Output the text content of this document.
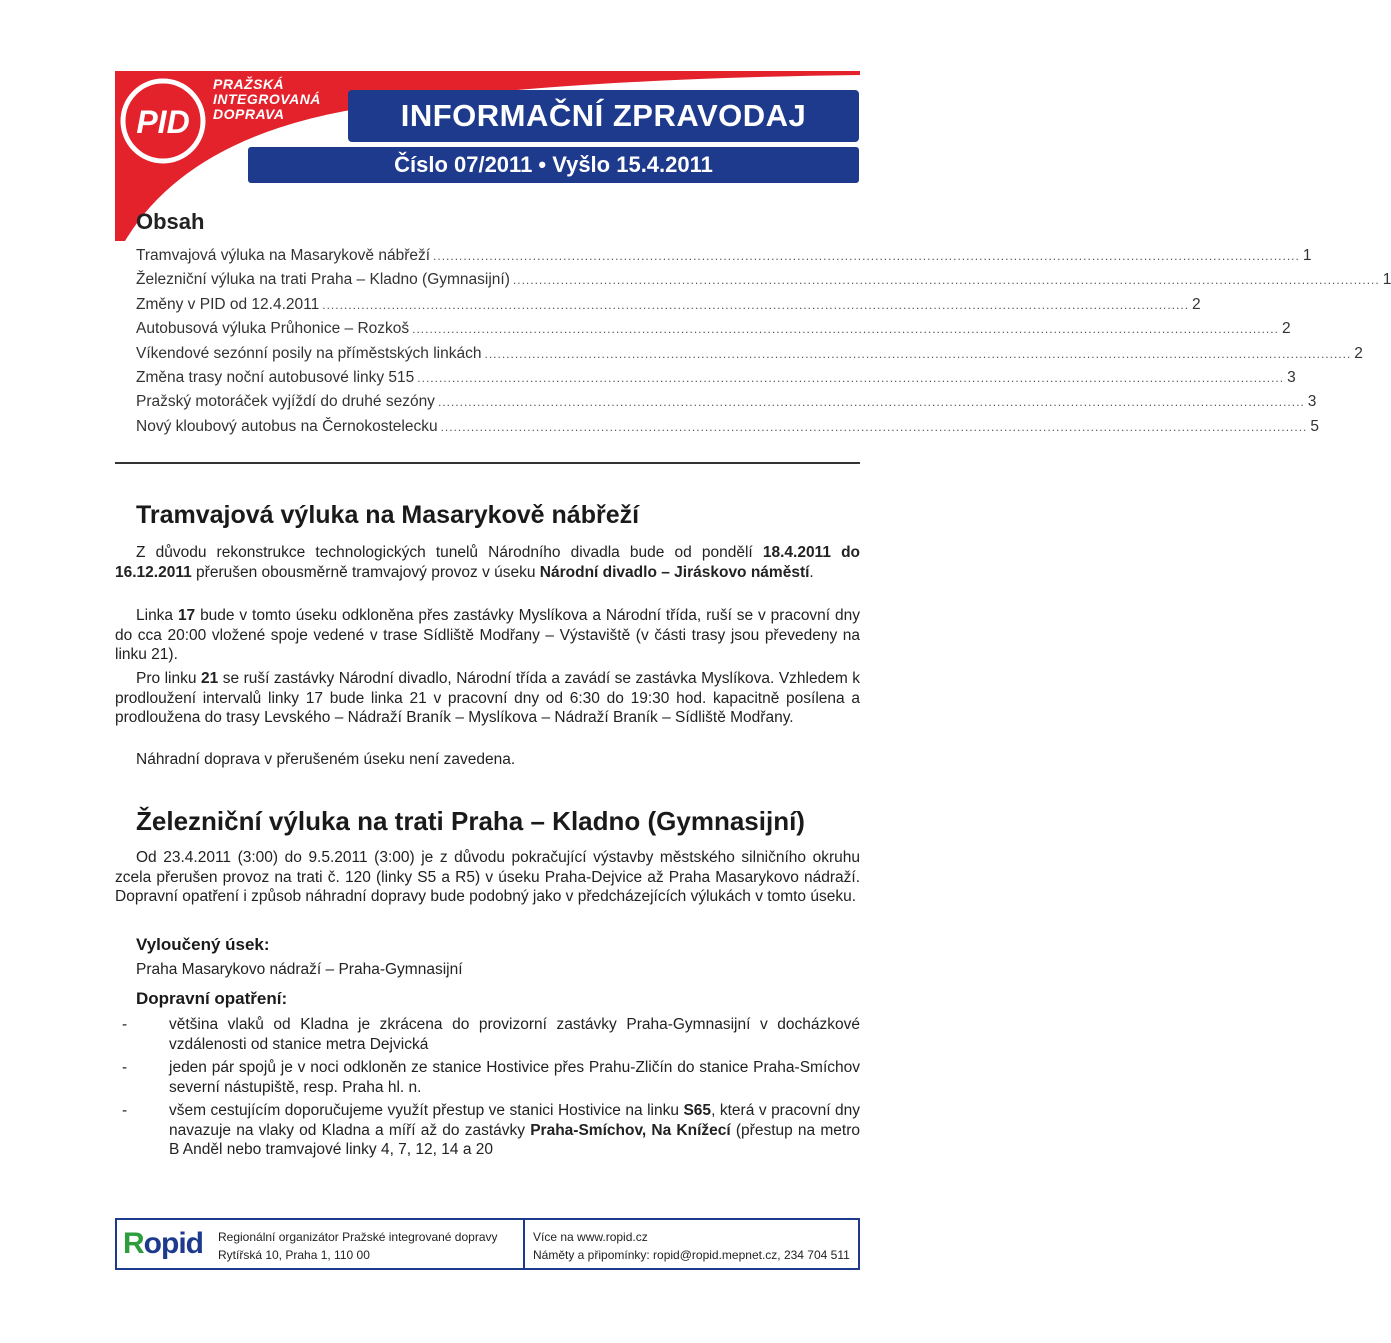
PID
PRAŽSKÁ
INTEGROVANÁ
DOPRAVA	INFORMAČNÍ ZPRAVODAJ
Číslo 07/2011 • Vyšlo 15.4.2011
Obsah
Tramvajová výluka na Masarykově nábřeží ........................................................................................................................................................................................................ 1
Železniční výluka na trati Praha – Kladno (Gymnasijní) ........................................................................................................................................................................................................ 1
Změny v PID od 12.4.2011 ........................................................................................................................................................................................................ 2
Autobusová výluka Průhonice – Rozkoš ........................................................................................................................................................................................................ 2
Víkendové sezónní posily na příměstských linkách ........................................................................................................................................................................................................ 2
Změna trasy noční autobusové linky 515 ........................................................................................................................................................................................................ 3
Pražský motoráček vyjíždí do druhé sezóny ........................................................................................................................................................................................................ 3
Nový kloubový autobus na Černokostelecku ........................................................................................................................................................................................................ 5
Tramvajová výluka na Masarykově nábřeží

Z důvodu rekonstrukce technologických tunelů Národního divadla bude od pondělí 18.4.2011 do 16.12.2011 přerušen obousměrně tramvajový provoz v úseku Národní divadlo – Jiráskovo náměstí.

Linka 17 bude v tomto úseku odkloněna přes zastávky Myslíkova a Národní třída, ruší se v pracovní dny do cca 20:00 vložené spoje vedené v trase Sídliště Modřany – Výstaviště (v části trasy jsou převedeny na linku 21).

Pro linku 21 se ruší zastávky Národní divadlo, Národní třída a zavádí se zastávka Myslíkova. Vzhledem k prodloužení intervalů linky 17 bude linka 21 v pracovní dny od 6:30 do 19:30 hod. kapacitně posílena a prodloužena do trasy Levského – Nádraží Braník – Myslíkova – Nádraží Braník – Sídliště Modřany.

Náhradní doprava v přerušeném úseku není zavedena.

Železniční výluka na trati Praha – Kladno (Gymnasijní)

Od 23.4.2011 (3:00) do 9.5.2011 (3:00) je z důvodu pokračující výstavby městského silničního okruhu zcela přerušen provoz na trati č. 120 (linky S5 a R5) v úseku Praha-Dejvice až Praha Masarykovo nádraží. Dopravní opatření i způsob náhradní dopravy bude podobný jako v předcházejících výlukách v tomto úseku.

Vyloučený úsek:
Praha Masarykovo nádraží – Praha-Gymnasijní
Dopravní opatření:
-	většina vlaků od Kladna je zkrácena do provizorní zastávky Praha-Gymnasijní v docházkové vzdálenosti od stanice metra Dejvická
-	jeden pár spojů je v noci odkloněn ze stanice Hostivice přes Prahu-Zličín do stanice Praha-Smíchov severní nástupiště, resp. Praha hl. n.
-	všem cestujícím doporučujeme využít přestup ve stanici Hostivice na linku S65, která v pracovní dny navazuje na vlaky od Kladna a míří až do zastávky Praha-Smíchov, Na Knížecí (přestup na metro B Anděl nebo tramvajové linky 4, 7, 12, 14 a 20
Ropid Regionální organizátor Pražské integrované dopravy
Rytířská 10, Praha 1, 110 00
Více na www.ropid.cz
Náměty a připomínky: ropid@ropid.mepnet.cz, 234 704 511
